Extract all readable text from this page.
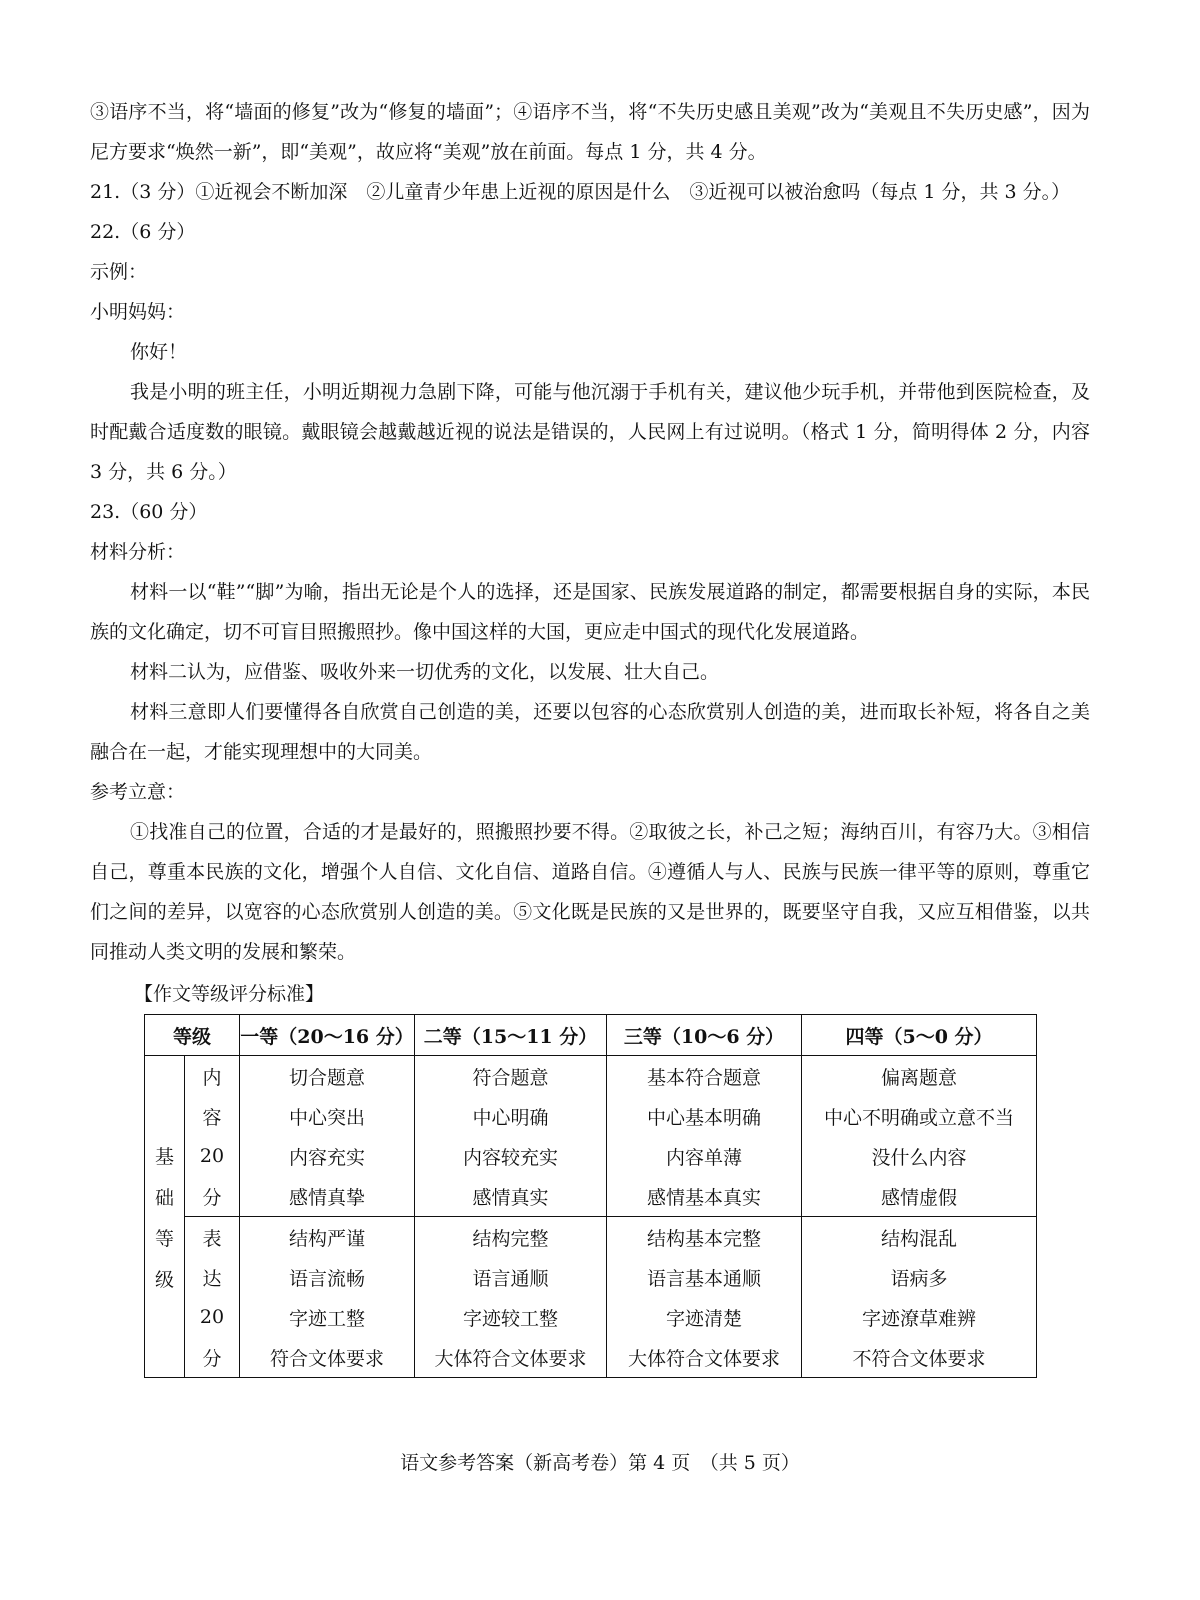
③语序不当，将“墙面的修复”改为“修复的墙面”；④语序不当，将“不失历史感且美观”改为“美观且不失历史感”，因为尼方要求“焕然一新”，即“美观”，故应将“美观”放在前面。每点 1 分，共 4 分。

21.（3 分）①近视会不断加深　②儿童青少年患上近视的原因是什么　③近视可以被治愈吗（每点 1 分，共 3 分。）

22.（6 分）

示例：

小明妈妈：

你好！

我是小明的班主任，小明近期视力急剧下降，可能与他沉溺于手机有关，建议他少玩手机，并带他到医院检查，及时配戴合适度数的眼镜。戴眼镜会越戴越近视的说法是错误的，人民网上有过说明。（格式 1 分，简明得体 2 分，内容 3 分，共 6 分。）

23.（60 分）

材料分析：

材料一以“鞋”“脚”为喻，指出无论是个人的选择，还是国家、民族发展道路的制定，都需要根据自身的实际，本民族的文化确定，切不可盲目照搬照抄。像中国这样的大国，更应走中国式的现代化发展道路。

材料二认为，应借鉴、吸收外来一切优秀的文化，以发展、壮大自己。

材料三意即人们要懂得各自欣赏自己创造的美，还要以包容的心态欣赏别人创造的美，进而取长补短，将各自之美融合在一起，才能实现理想中的大同美。

参考立意：

①找准自己的位置，合适的才是最好的，照搬照抄要不得。②取彼之长，补己之短；海纳百川，有容乃大。③相信自己，尊重本民族的文化，增强个人自信、文化自信、道路自信。④遵循人与人、民族与民族一律平等的原则，尊重它们之间的差异，以宽容的心态欣赏别人创造的美。⑤文化既是民族的又是世界的，既要坚守自我，又应互相借鉴，以共同推动人类文明的发展和繁荣。

【作文等级评分标准】

等级		一等（20～16 分）	二等（15～11 分）	三等（10～6 分）	四等（5～0 分）

基
础
等
级	内	切合题意	符合题意	基本符合题意	偏离题意
	容	中心突出	中心明确	中心基本明确	中心不明确或立意不当
	20	内容充实	内容较充实	内容单薄	没什么内容
	分	感情真挚	感情真实	感情基本真实	感情虚假
	表	结构严谨	结构完整	结构基本完整	结构混乱
	达	语言流畅	语言通顺	语言基本通顺	语病多
	20	字迹工整	字迹较工整	字迹清楚	字迹潦草难辨
	分	符合文体要求	大体符合文体要求	大体符合文体要求	不符合文体要求
语文参考答案（新高考卷）第 4 页　（共 5 页）
